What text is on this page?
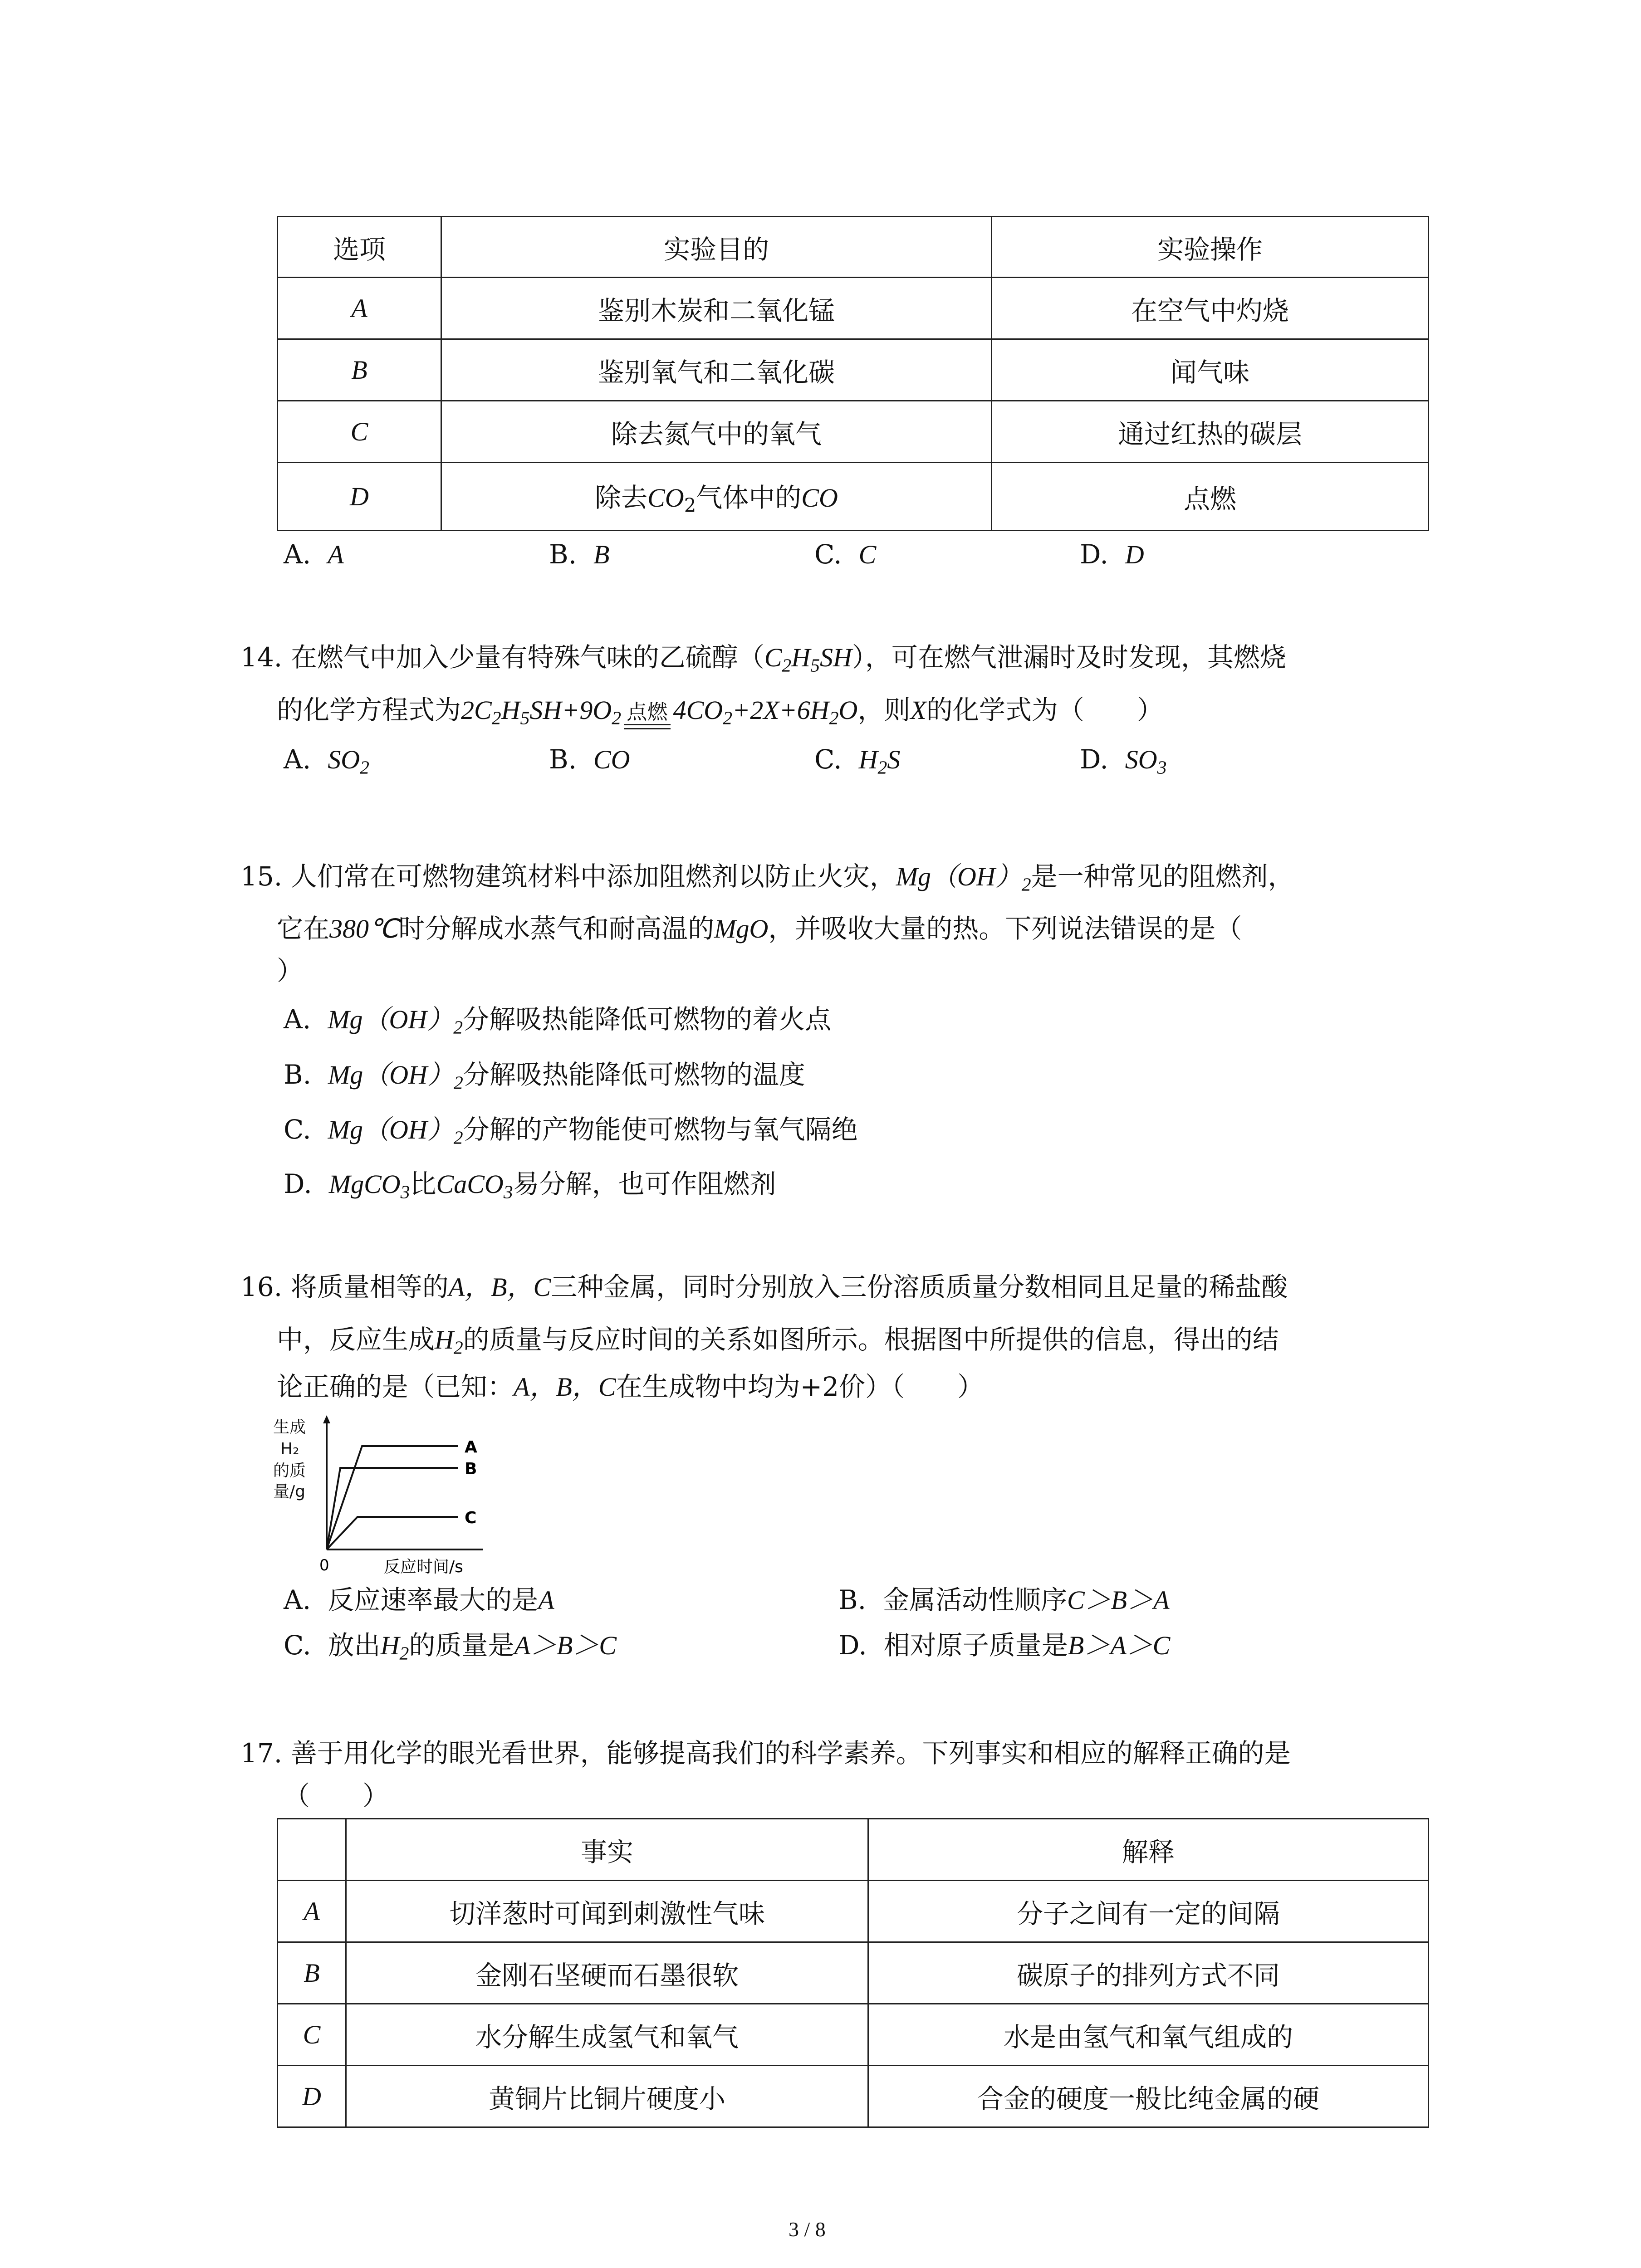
选项	实验目的	实验操作
A	鉴别木炭和二氧化锰	在空气中灼烧
B	鉴别氧气和二氧化碳	闻气味
C	除去氮气中的氧气	通过红热的碳层
D	除去$CO_2$气体中的CO	点燃
A. A	B. B	C. C	D. D
14. 在燃气中加入少量有特殊气味的乙硫醇$(C_2H_5SH)$，可在燃气泄漏时及时发现，其燃烧
的化学方程式为$2C_2H_5SH+9O_2$ 点燃 $4CO_2+2X+6H_2O$，则X的化学式为（　　）
A. $SO_2$	B. CO	C. $H_2S$	D. $SO_3$
15. 人们常在可燃物建筑材料中添加阻燃剂以防止火灾，$Mg(OH)_2$是一种常见的阻燃剂，
它在380℃时分解成水蒸气和耐高温的MgO，并吸收大量的热。下列说法错误的是（
）
A. $Mg(OH)_2$分解吸热能降低可燃物的着火点
B. $Mg(OH)_2$分解吸热能降低可燃物的温度
C. $Mg(OH)_2$分解的产物能使可燃物与氧气隔绝
D. MgCO$_3$比CaCO$_3$易分解，也可作阻燃剂
16. 将质量相等的A，B，C三种金属，同时分别放入三份溶质质量分数相同且足量的稀盐酸
中，反应生成$H_2$的质量与反应时间的关系如图所示。根据图中所提供的信息，得出的结
论正确的是（已知：A，B，C在生成物中均为+2价）（　　）
生成
H₂
的质
量/g
A
B
C
0	反应时间/s
A. 反应速率最大的是A	B. 金属活动性顺序C＞B＞A
C. 放出$H_2$的质量是A＞B＞C	D. 相对原子质量是B＞A＞C
17. 善于用化学的眼光看世界，能够提高我们的科学素养。下列事实和相应的解释正确的是
（　　）
	事实	解释
A	切洋葱时可闻到刺激性气味	分子之间有一定的间隔
B	金刚石坚硬而石墨很软	碳原子的排列方式不同
C	水分解生成氢气和氧气	水是由氢气和氧气组成的
D	黄铜片比铜片硬度小	合金的硬度一般比纯金属的硬
3 / 8
